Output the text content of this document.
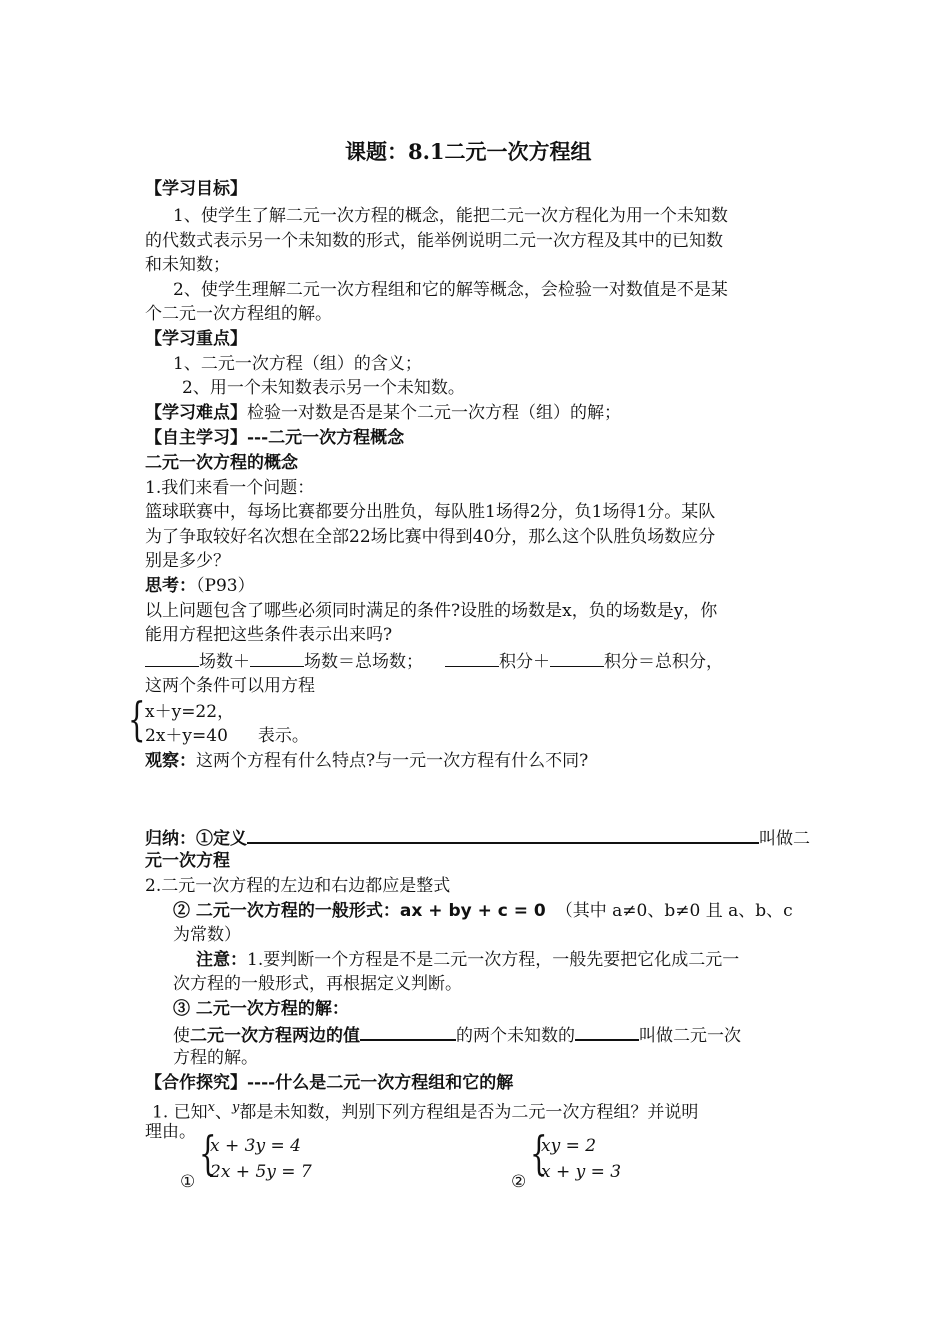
课题：8.1二元一次方程组
【学习目标】
1、使学生了解二元一次方程的概念，能把二元一次方程化为用一个未知数
的代数式表示另一个未知数的形式，能举例说明二元一次方程及其中的已知数
和未知数；
2、使学生理解二元一次方程组和它的解等概念，会检验一对数值是不是某
个二元一次方程组的解。
【学习重点】
1、二元一次方程（组）的含义；
2、用一个未知数表示另一个未知数。
【学习难点】检验一对数是否是某个二元一次方程（组）的解；
【自主学习】---二元一次方程概念
二元一次方程的概念
1.我们来看一个问题：
篮球联赛中，每场比赛都要分出胜负，每队胜1场得2分，负1场得1分。某队
为了争取较好名次想在全部22场比赛中得到40分，那么这个队胜负场数应分
别是多少？
思考：（P93）
以上问题包含了哪些必须同时满足的条件?设胜的场数是x，负的场数是y，你
能用方程把这些条件表示出来吗?
场数＋	场数＝总场数；	积分＋	积分＝总积分，
这两个条件可以用方程
{ x＋y=22，
2x＋y=40 表示。
观察：这两个方程有什么特点?与一元一次方程有什么不同?
归纳：①定义	叫做二
元一次方程
2.二元一次方程的左边和右边都应是整式
② 二元一次方程的一般形式：ax + by + c = 0 （其中 a≠0、b≠0 且 a、b、c
为常数）
注意：1.要判断一个方程是不是二元一次方程，一般先要把它化成二元一
次方程的一般形式，再根据定义判断。
③ 二元一次方程的解：
使二元一次方程两边的值	的两个未知数的	叫做二元一次
方程的解。
【合作探究】----什么是二元一次方程组和它的解
1. 已知$^x$、$^y$都是未知数，判别下列方程组是否为二元一次方程组？并说明
理由。 {
x + 3y = 4
2x + 5y = 7
①
{
xy = 2
x + y = 3
②
